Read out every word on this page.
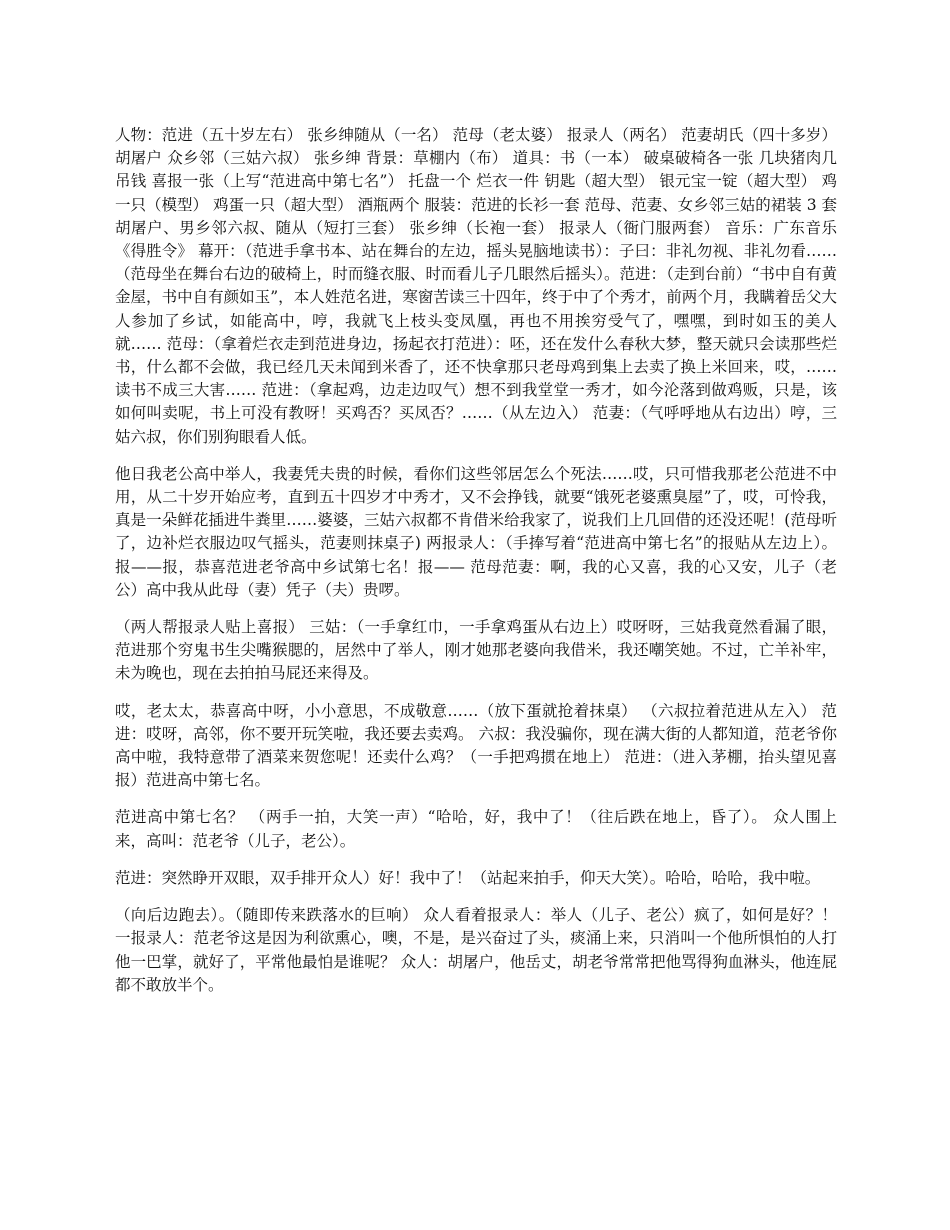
人物：范进（五十岁左右） 张乡绅随从（一名） 范母（老太婆） 报录人（两名） 范妻胡氏（四十多岁） 胡屠户 众乡邻（三姑六叔） 张乡绅 背景：草棚内（布） 道具：书（一本） 破桌破椅各一张 几块猪肉几吊钱 喜报一张（上写“范进高中第七名”） 托盘一个 烂衣一件 钥匙（超大型） 银元宝一锭（超大型） 鸡一只（模型） 鸡蛋一只（超大型） 酒瓶两个 服装：范进的长衫一套 范母、范妻、女乡邻三姑的裙装 3 套 胡屠户、男乡邻六叔、随从（短打三套） 张乡绅（长袍一套） 报录人（衙门服两套） 音乐：广东音乐《得胜令》 幕开：（范进手拿书本、站在舞台的左边，摇头晃脑地读书）：子曰：非礼勿视、非礼勿看……（范母坐在舞台右边的破椅上，时而缝衣服、时而看儿子几眼然后摇头）。范进：（走到台前）“书中自有黄金屋，书中自有颜如玉”，本人姓范名进，寒窗苦读三十四年，终于中了个秀才，前两个月，我瞒着岳父大人参加了乡试，如能高中，哼，我就飞上枝头变凤凰，再也不用挨穷受气了，嘿嘿，到时如玉的美人就…… 范母：（拿着烂衣走到范进身边，扬起衣打范进）：呸，还在发什么春秋大梦，整天就只会读那些烂书，什么都不会做，我已经几天未闻到米香了，还不快拿那只老母鸡到集上去卖了换上米回来，哎，……读书不成三大害…… 范进：（拿起鸡，边走边叹气）想不到我堂堂一秀才，如今沦落到做鸡贩，只是，该如何叫卖呢，书上可没有教呀！买鸡否？买凤否？……（从左边入） 范妻：（气呼呼地从右边出）哼，三姑六叔，你们别狗眼看人低。

他日我老公高中举人，我妻凭夫贵的时候，看你们这些邻居怎么个死法……哎，只可惜我那老公范进不中用，从二十岁开始应考，直到五十四岁才中秀才，又不会挣钱，就要“饿死老婆熏臭屋”了，哎，可怜我，真是一朵鲜花插进牛粪里……婆婆，三姑六叔都不肯借米给我家了，说我们上几回借的还没还呢！(范母听了，边补烂衣服边叹气摇头，范妻则抹桌子) 两报录人：（手捧写着“范进高中第七名”的报贴从左边上）。报——报，恭喜范进老爷高中乡试第七名！报—— 范母范妻：啊，我的心又喜，我的心又安，儿子（老公）高中我从此母（妻）凭子（夫）贵啰。

（两人帮报录人贴上喜报） 三姑：（一手拿红巾，一手拿鸡蛋从右边上）哎呀呀，三姑我竟然看漏了眼，范进那个穷鬼书生尖嘴猴腮的，居然中了举人，刚才她那老婆向我借米，我还嘲笑她。不过，亡羊补牢，未为晚也，现在去拍拍马屁还来得及。

哎，老太太，恭喜高中呀，小小意思，不成敬意……（放下蛋就抢着抹桌） （六叔拉着范进从左入） 范进：哎呀，高邻，你不要开玩笑啦，我还要去卖鸡。 六叔：我没骗你，现在满大街的人都知道，范老爷你高中啦，我特意带了酒菜来贺您呢！还卖什么鸡？（一手把鸡掼在地上） 范进：（进入茅棚，抬头望见喜报）范进高中第七名。

范进高中第七名？ （两手一拍，大笑一声）“哈哈，好，我中了！（往后跌在地上，昏了）。 众人围上来，高叫：范老爷（儿子，老公）。

范进：突然睁开双眼，双手排开众人）好！我中了！（站起来拍手，仰天大笑）。哈哈，哈哈，我中啦。

（向后边跑去）。（随即传来跌落水的巨响） 众人看着报录人：举人（儿子、老公）疯了，如何是好？！ 一报录人：范老爷这是因为利欲熏心，噢，不是，是兴奋过了头，痰涌上来，只消叫一个他所惧怕的人打他一巴掌，就好了，平常他最怕是谁呢？ 众人：胡屠户，他岳丈，胡老爷常常把他骂得狗血淋头，他连屁都不敢放半个。
